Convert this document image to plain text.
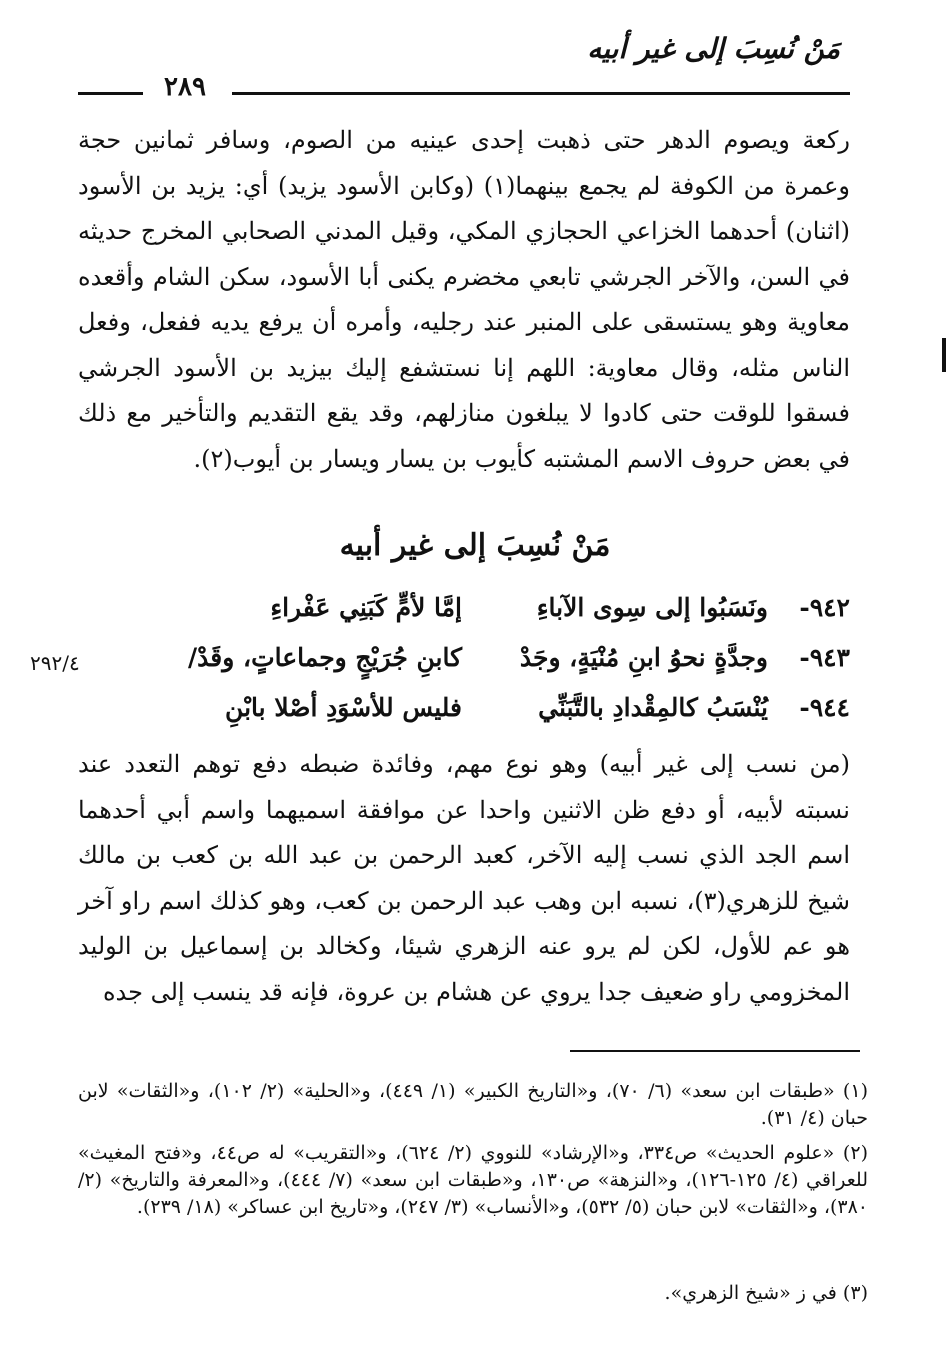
مَنْ نُسِبَ إلى غير أبيه
٢٨٩

ركعة ويصوم الدهر حتى ذهبت إحدى عينيه من الصوم، وسافر ثمانين حجة وعمرة من الكوفة لم يجمع بينهما(١) (وكابن الأسود يزيد) أي: يزيد بن الأسود (اثنان) أحدهما الخزاعي الحجازي المكي، وقيل المدني الصحابي المخرج حديثه في السن، والآخر الجرشي تابعي مخضرم يكنى أبا الأسود، سكن الشام وأقعده معاوية وهو يستسقى على المنبر عند رجليه، وأمره أن يرفع يديه ففعل، وفعل الناس مثله، وقال معاوية: اللهم إنا نستشفع إليك بيزيد بن الأسود الجرشي فسقوا للوقت حتى كادوا لا يبلغون منازلهم، وقد يقع التقديم والتأخير مع ذلك في بعض حروف الاسم المشتبه كأيوب بن يسار ويسار بن أيوب(٢).

مَنْ نُسِبَ إلى غير أبيه
٩٤٢-
ونَسَبُوا إلى سِوى الآباءِ
إمَّا لأمٍّ كَبَنِي عَفْراءِ
٩٤٣-
وجدَّةٍ نحوُ ابنِ مُنْيَةٍ، وجَدْ
كابنِ جُرَيْجٍ وجماعاتٍ، وقَدْ/
٩٤٤-
يُنْسَبُ كالمِقْدادِ بالتَّبَنِّي
فليس للأسْوَدِ أصْلا بابْنِ
٢٩٢/٤

(من نسب إلى غير أبيه) وهو نوع مهم، وفائدة ضبطه دفع توهم التعدد عند نسبته لأبيه، أو دفع ظن الاثنين واحدا عن موافقة اسميهما واسم أبي أحدهما اسم الجد الذي نسب إليه الآخر، كعبد الرحمن بن عبد الله بن كعب بن مالك شيخ للزهري(٣)، نسبه ابن وهب عبد الرحمن بن كعب، وهو كذلك اسم راو آخر هو عم للأول، لكن لم يرو عنه الزهري شيئا، وكخالد بن إسماعيل بن الوليد المخزومي راو ضعيف جدا يروي عن هشام بن عروة، فإنه قد ينسب إلى جده

(١) «طبقات ابن سعد» (٦/ ٧٠)، و«التاريخ الكبير» (١/ ٤٤٩)، و«الحلية» (٢/ ١٠٢)، و«الثقات» لابن حبان (٤/ ٣١).

(٢) «علوم الحديث» ص٣٣٤، و«الإرشاد» للنووي (٢/ ٦٢٤)، و«التقريب» له ص٤٤، و«فتح المغيث» للعراقي (٤/ ١٢٥-١٢٦)، و«النزهة» ص١٣٠، و«طبقات ابن سعد» (٧/ ٤٤٤)، و«المعرفة والتاريخ» (٢/ ٣٨٠)، و«الثقات» لابن حبان (٥/ ٥٣٢)، و«الأنساب» (٣/ ٢٤٧)، و«تاريخ ابن عساكر» (١٨/ ٢٣٩).

(٣) في ز «شيخ الزهري».
